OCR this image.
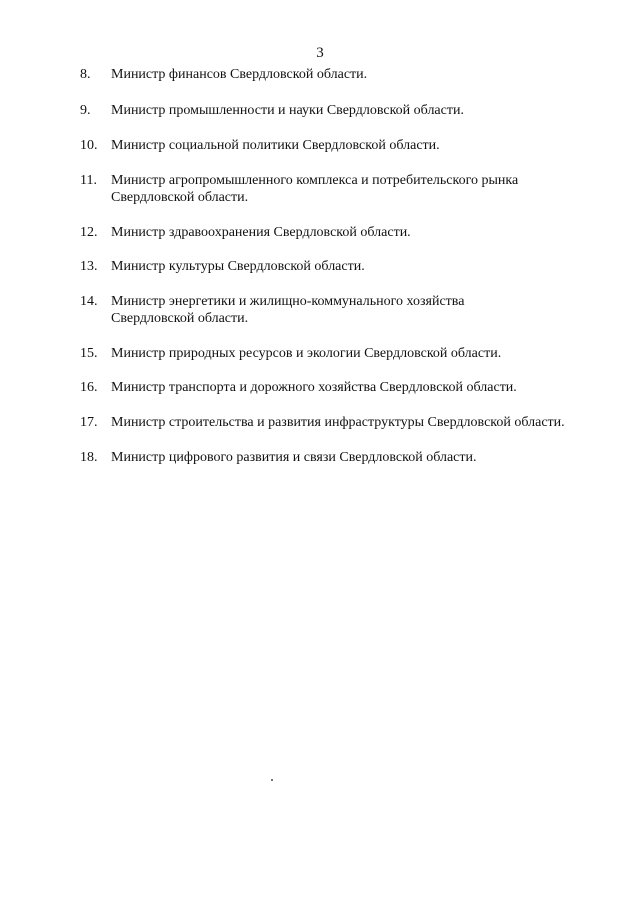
3
8. Министр финансов Свердловской области.
9. Министр промышленности и науки Свердловской области.
10. Министр социальной политики Свердловской области.
11. Министр агропромышленного комплекса и потребительского рынка
Свердловской области.
12. Министр здравоохранения Свердловской области.
13. Министр культуры Свердловской области.
14. Министр энергетики и жилищно-коммунального хозяйства
Свердловской области.
15. Министр природных ресурсов и экологии Свердловской области.
16. Министр транспорта и дорожного хозяйства Свердловской области.
17. Министр строительства и развития инфраструктуры Свердловской области.
18. Министр цифрового развития и связи Свердловской области.
